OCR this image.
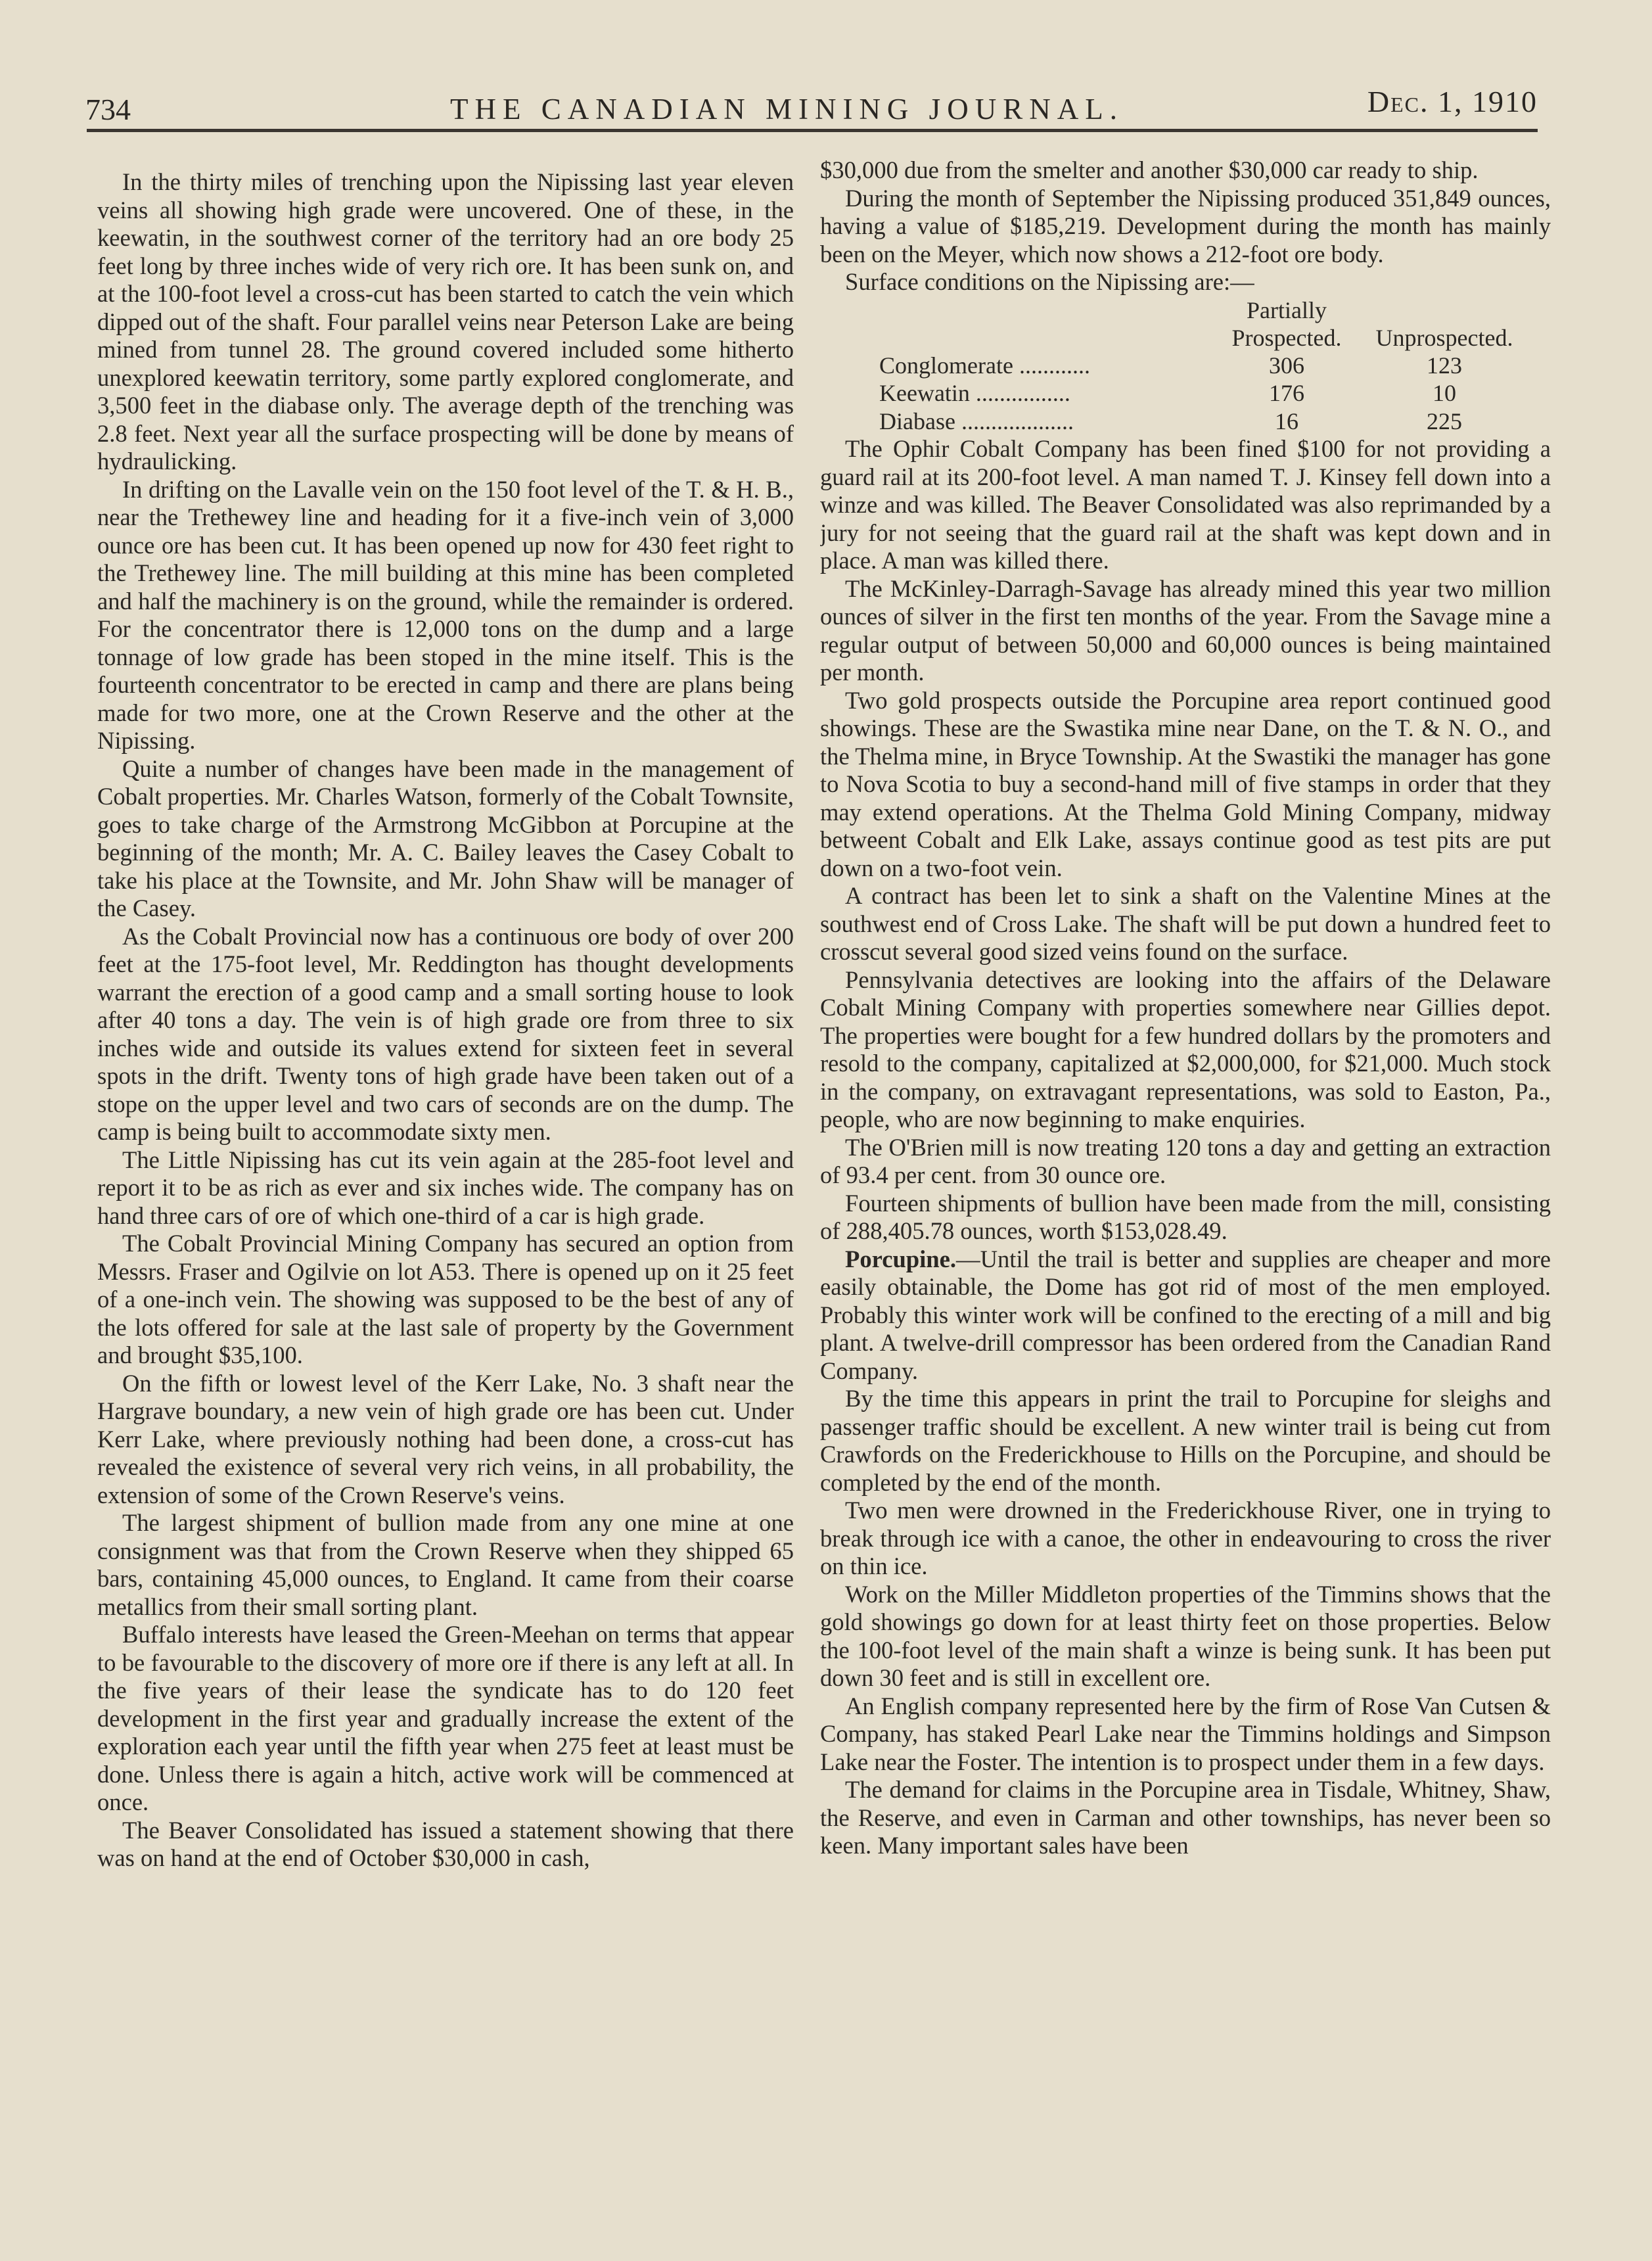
734	THE CANADIAN MINING JOURNAL.	Dec. 1, 1910

In the thirty miles of trenching upon the Nipissing last year eleven veins all showing high grade were uncovered. One of these, in the keewatin, in the southwest corner of the territory had an ore body 25 feet long by three inches wide of very rich ore. It has been sunk on, and at the 100-foot level a cross-cut has been started to catch the vein which dipped out of the shaft. Four parallel veins near Peterson Lake are being mined from tunnel 28. The ground covered included some hitherto unexplored keewatin territory, some partly explored conglomerate, and 3,500 feet in the diabase only. The average depth of the trenching was 2.8 feet. Next year all the surface prospecting will be done by means of hydraulicking.

In drifting on the Lavalle vein on the 150 foot level of the T. & H. B., near the Trethewey line and heading for it a five-inch vein of 3,000 ounce ore has been cut. It has been opened up now for 430 feet right to the Trethewey line. The mill building at this mine has been completed and half the machinery is on the ground, while the remainder is ordered. For the concentrator there is 12,000 tons on the dump and a large tonnage of low grade has been stoped in the mine itself. This is the fourteenth concentrator to be erected in camp and there are plans being made for two more, one at the Crown Reserve and the other at the Nipissing.

Quite a number of changes have been made in the management of Cobalt properties. Mr. Charles Watson, formerly of the Cobalt Townsite, goes to take charge of the Armstrong McGibbon at Porcupine at the beginning of the month; Mr. A. C. Bailey leaves the Casey Cobalt to take his place at the Townsite, and Mr. John Shaw will be manager of the Casey.

As the Cobalt Provincial now has a continuous ore body of over 200 feet at the 175-foot level, Mr. Reddington has thought developments warrant the erection of a good camp and a small sorting house to look after 40 tons a day. The vein is of high grade ore from three to six inches wide and outside its values extend for sixteen feet in several spots in the drift. Twenty tons of high grade have been taken out of a stope on the upper level and two cars of seconds are on the dump. The camp is being built to accommodate sixty men.

The Little Nipissing has cut its vein again at the 285-foot level and report it to be as rich as ever and six inches wide. The company has on hand three cars of ore of which one-third of a car is high grade.

The Cobalt Provincial Mining Company has secured an option from Messrs. Fraser and Ogilvie on lot A53. There is opened up on it 25 feet of a one-inch vein. The showing was supposed to be the best of any of the lots offered for sale at the last sale of property by the Government and brought $35,100.

On the fifth or lowest level of the Kerr Lake, No. 3 shaft near the Hargrave boundary, a new vein of high grade ore has been cut. Under Kerr Lake, where previously nothing had been done, a cross-cut has revealed the existence of several very rich veins, in all probability, the extension of some of the Crown Reserve's veins.

The largest shipment of bullion made from any one mine at one consignment was that from the Crown Reserve when they shipped 65 bars, containing 45,000 ounces, to England. It came from their coarse metallics from their small sorting plant.

Buffalo interests have leased the Green-Meehan on terms that appear to be favourable to the discovery of more ore if there is any left at all. In the five years of their lease the syndicate has to do 120 feet development in the first year and gradually increase the extent of the exploration each year until the fifth year when 275 feet at least must be done. Unless there is again a hitch, active work will be commenced at once.

The Beaver Consolidated has issued a statement showing that there was on hand at the end of October $30,000 in cash,

$30,000 due from the smelter and another $30,000 car ready to ship.

During the month of September the Nipissing produced 351,849 ounces, having a value of $185,219. Development during the month has mainly been on the Meyer, which now shows a 212-foot ore body.

Surface conditions on the Nipissing are:—

	Partially	
	Prospected.	Unprospected.
Conglomerate ............	306	123
Keewatin ................	176	10
Diabase ...................	16	225

The Ophir Cobalt Company has been fined $100 for not providing a guard rail at its 200-foot level. A man named T. J. Kinsey fell down into a winze and was killed. The Beaver Consolidated was also reprimanded by a jury for not seeing that the guard rail at the shaft was kept down and in place. A man was killed there.

The McKinley-Darragh-Savage has already mined this year two million ounces of silver in the first ten months of the year. From the Savage mine a regular output of between 50,000 and 60,000 ounces is being maintained per month.

Two gold prospects outside the Porcupine area report continued good showings. These are the Swastika mine near Dane, on the T. & N. O., and the Thelma mine, in Bryce Township. At the Swastiki the manager has gone to Nova Scotia to buy a second-hand mill of five stamps in order that they may extend operations. At the Thelma Gold Mining Company, midway betweent Cobalt and Elk Lake, assays continue good as test pits are put down on a two-foot vein.

A contract has been let to sink a shaft on the Valentine Mines at the southwest end of Cross Lake. The shaft will be put down a hundred feet to crosscut several good sized veins found on the surface.

Pennsylvania detectives are looking into the affairs of the Delaware Cobalt Mining Company with properties somewhere near Gillies depot. The properties were bought for a few hundred dollars by the promoters and resold to the company, capitalized at $2,000,000, for $21,000. Much stock in the company, on extravagant representations, was sold to Easton, Pa., people, who are now beginning to make enquiries.

The O'Brien mill is now treating 120 tons a day and getting an extraction of 93.4 per cent. from 30 ounce ore.

Fourteen shipments of bullion have been made from the mill, consisting of 288,405.78 ounces, worth $153,028.49.

Porcupine.—Until the trail is better and supplies are cheaper and more easily obtainable, the Dome has got rid of most of the men employed. Probably this winter work will be confined to the erecting of a mill and big plant. A twelve-drill compressor has been ordered from the Canadian Rand Company.

By the time this appears in print the trail to Porcupine for sleighs and passenger traffic should be excellent. A new winter trail is being cut from Crawfords on the Frederickhouse to Hills on the Porcupine, and should be completed by the end of the month.

Two men were drowned in the Frederickhouse River, one in trying to break through ice with a canoe, the other in endeavouring to cross the river on thin ice.

Work on the Miller Middleton properties of the Timmins shows that the gold showings go down for at least thirty feet on those properties. Below the 100-foot level of the main shaft a winze is being sunk. It has been put down 30 feet and is still in excellent ore.

An English company represented here by the firm of Rose Van Cutsen & Company, has staked Pearl Lake near the Timmins holdings and Simpson Lake near the Foster. The intention is to prospect under them in a few days.

The demand for claims in the Porcupine area in Tisdale, Whitney, Shaw, the Reserve, and even in Carman and other townships, has never been so keen. Many important sales have been
